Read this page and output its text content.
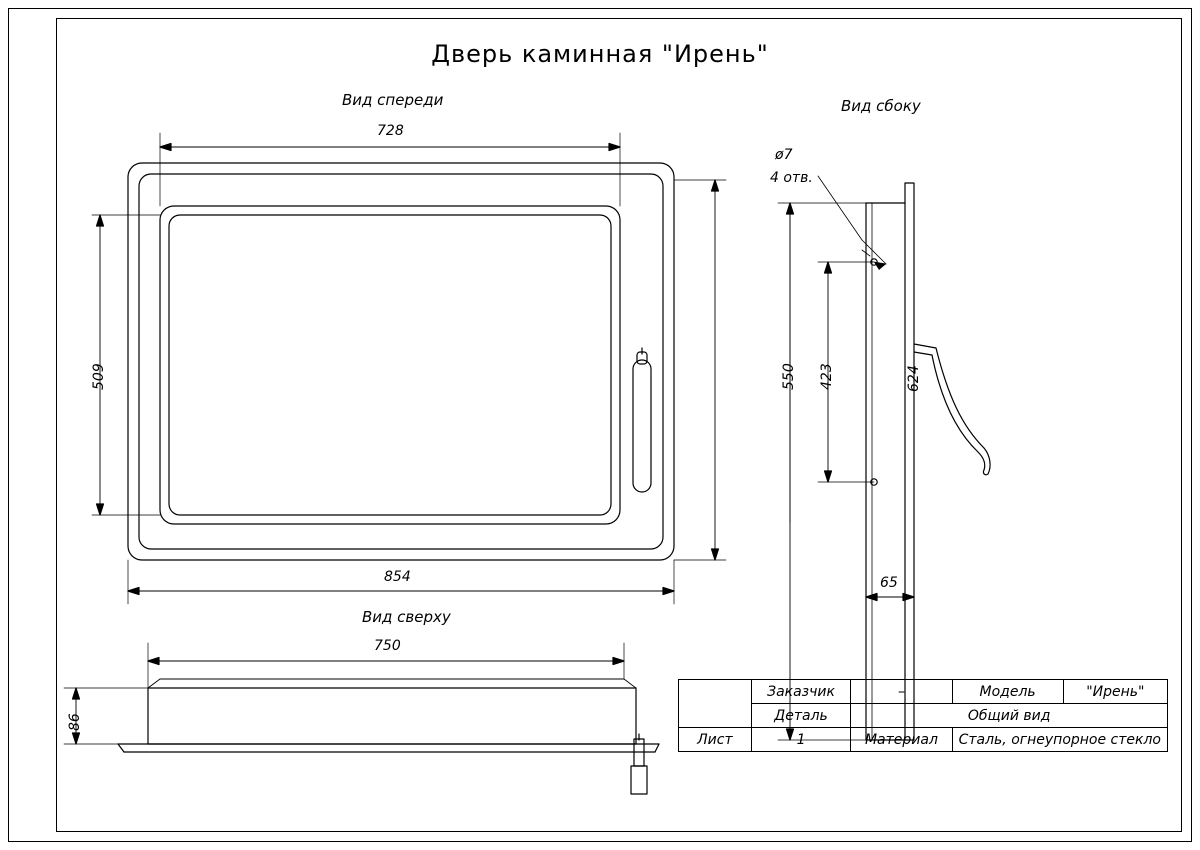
Дверь каминная "Ирень"
Вид спереди	Вид сбоку
Вид сверху
728
854
509	624
ø7
4 отв.
550 423
65
750
86
	Заказчик	–	Модель	"Ирень"
	Деталь	Общий вид		
Лист	1	Материал	Сталь, огнеупорное стекло	
